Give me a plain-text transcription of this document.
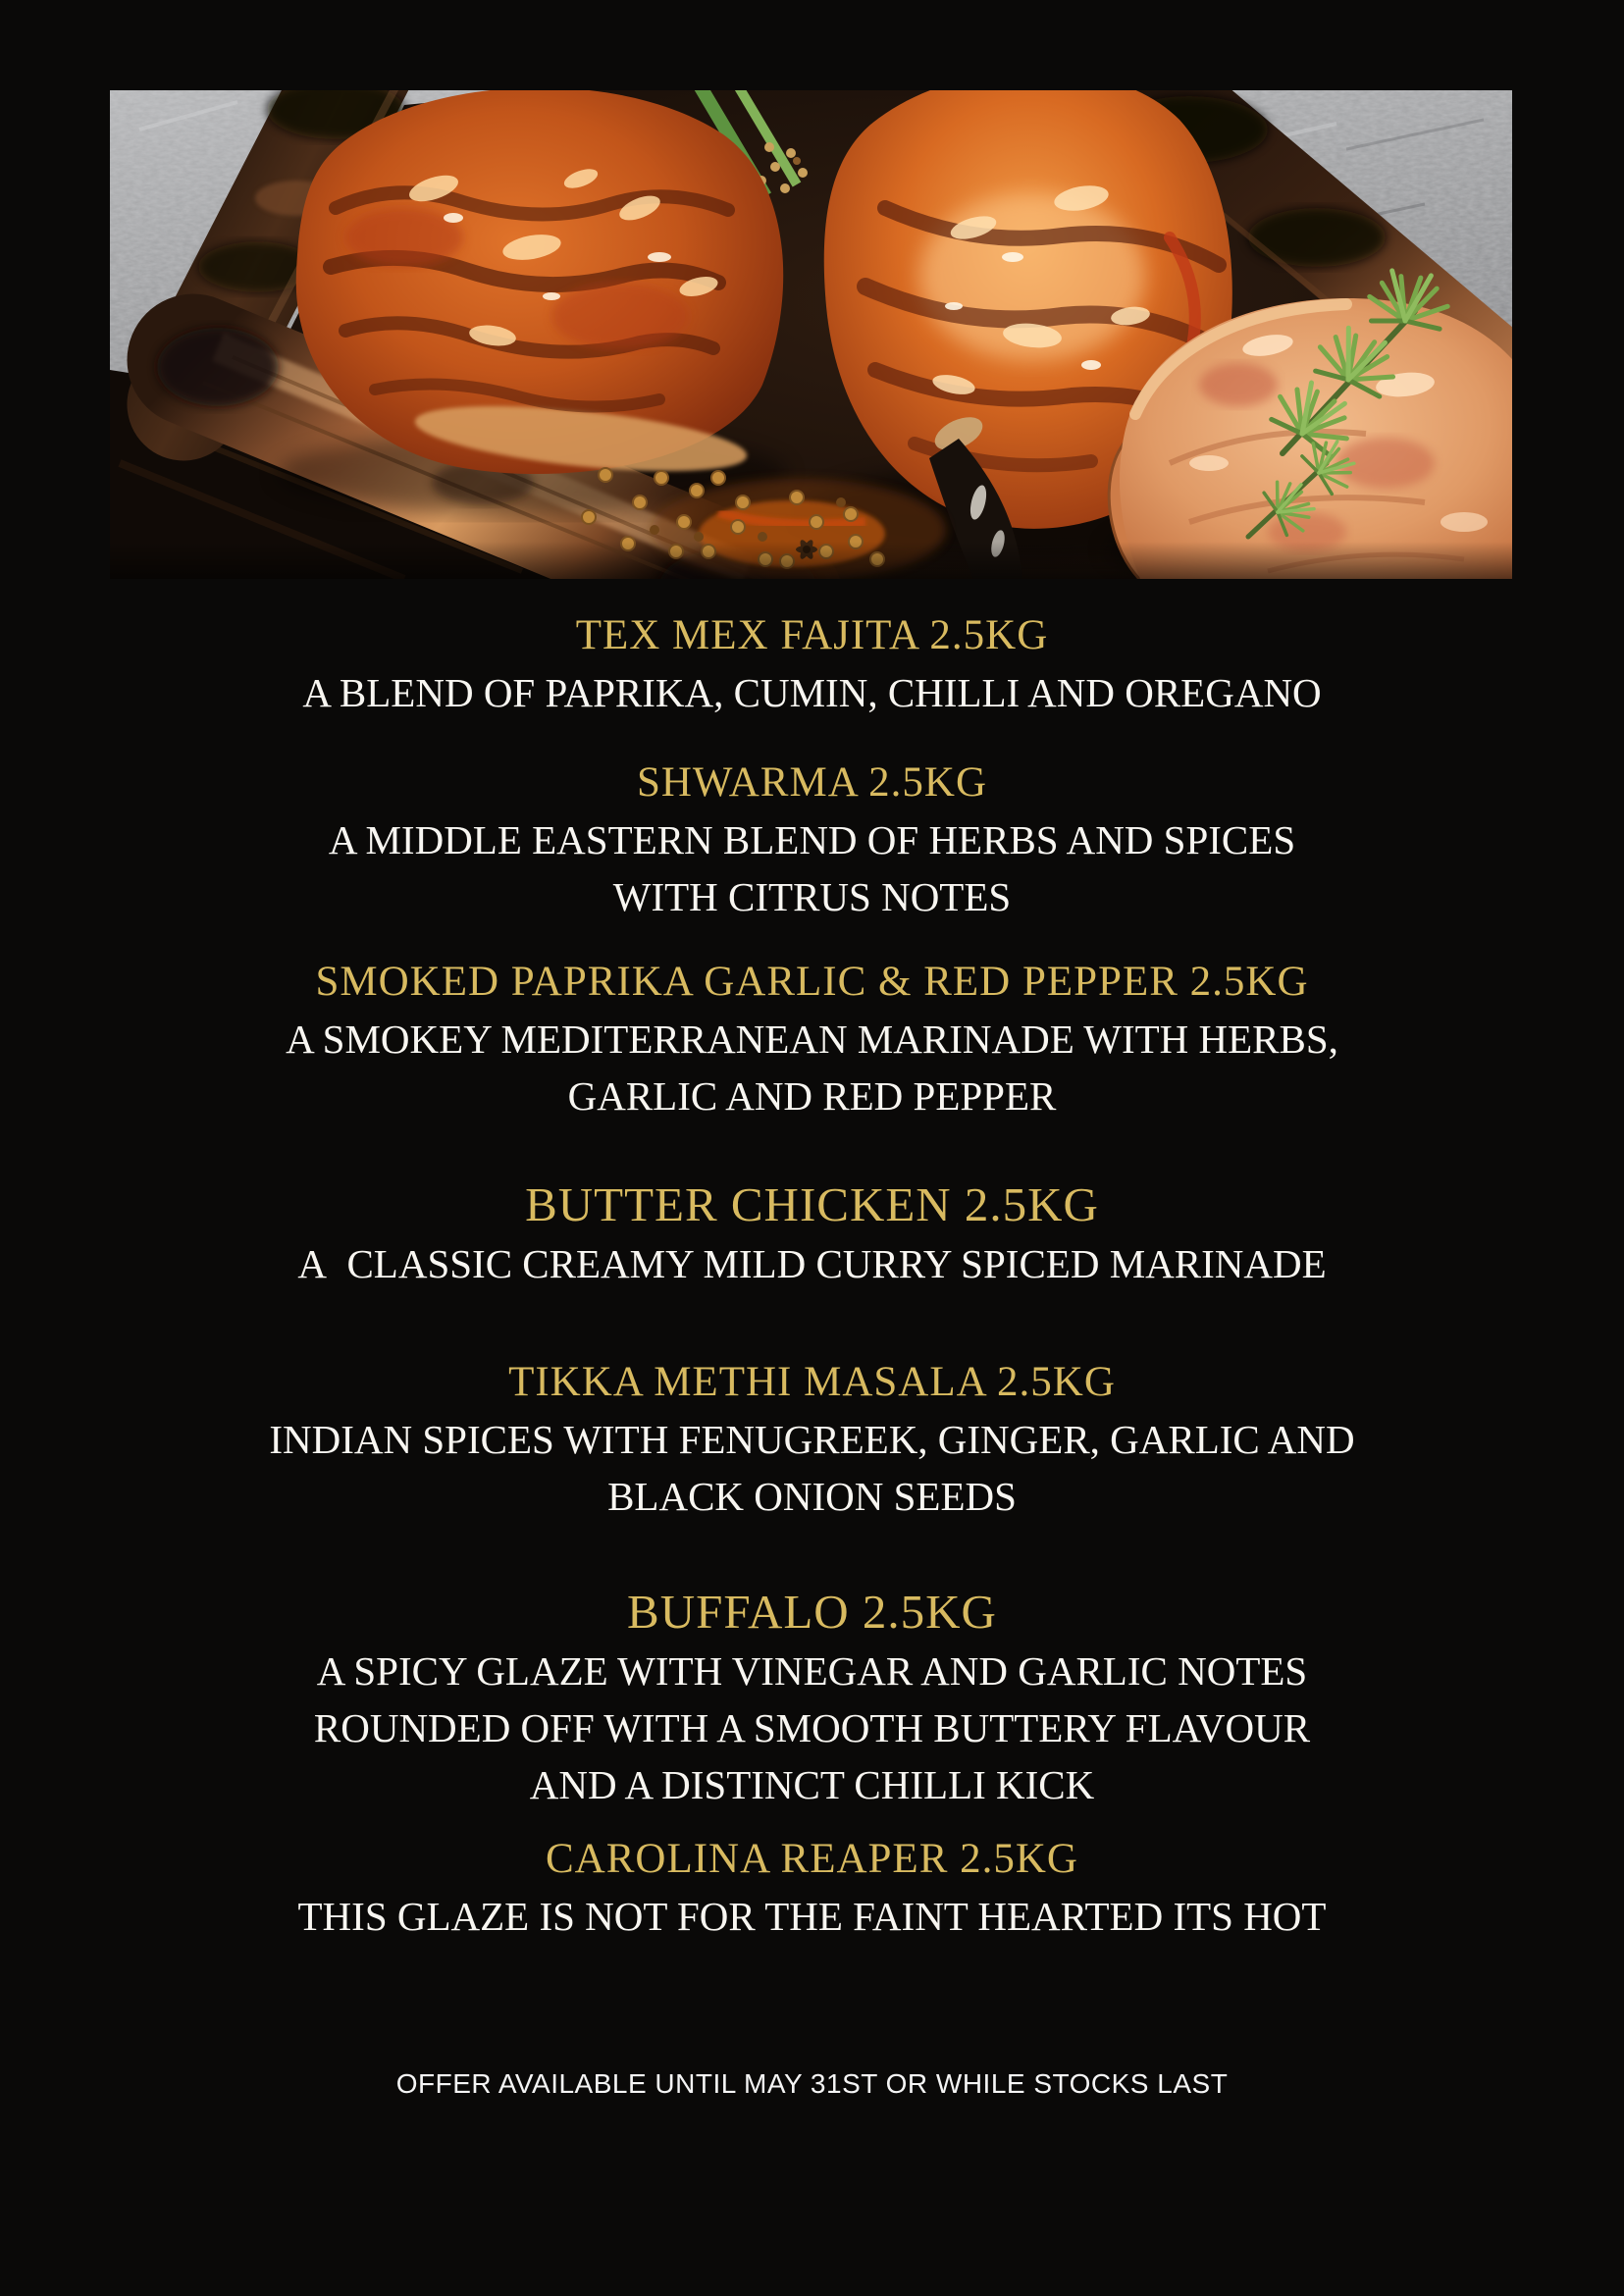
TEX MEX FAJITA 2.5KG
A BLEND OF PAPRIKA, CUMIN, CHILLI AND OREGANO
SHWARMA 2.5KG
A MIDDLE EASTERN BLEND OF HERBS AND SPICES
WITH CITRUS NOTES
SMOKED PAPRIKA GARLIC & RED PEPPER 2.5KG
A SMOKEY MEDITERRANEAN MARINADE WITH HERBS,
GARLIC AND RED PEPPER
BUTTER CHICKEN 2.5KG
A  CLASSIC CREAMY MILD CURRY SPICED MARINADE
TIKKA METHI MASALA 2.5KG
INDIAN SPICES WITH FENUGREEK, GINGER, GARLIC AND
BLACK ONION SEEDS
BUFFALO 2.5KG
A SPICY GLAZE WITH VINEGAR AND GARLIC NOTES
ROUNDED OFF WITH A SMOOTH BUTTERY FLAVOUR
AND A DISTINCT CHILLI KICK
CAROLINA REAPER 2.5KG
THIS GLAZE IS NOT FOR THE FAINT HEARTED ITS HOT
OFFER AVAILABLE UNTIL MAY 31ST OR WHILE STOCKS LAST
